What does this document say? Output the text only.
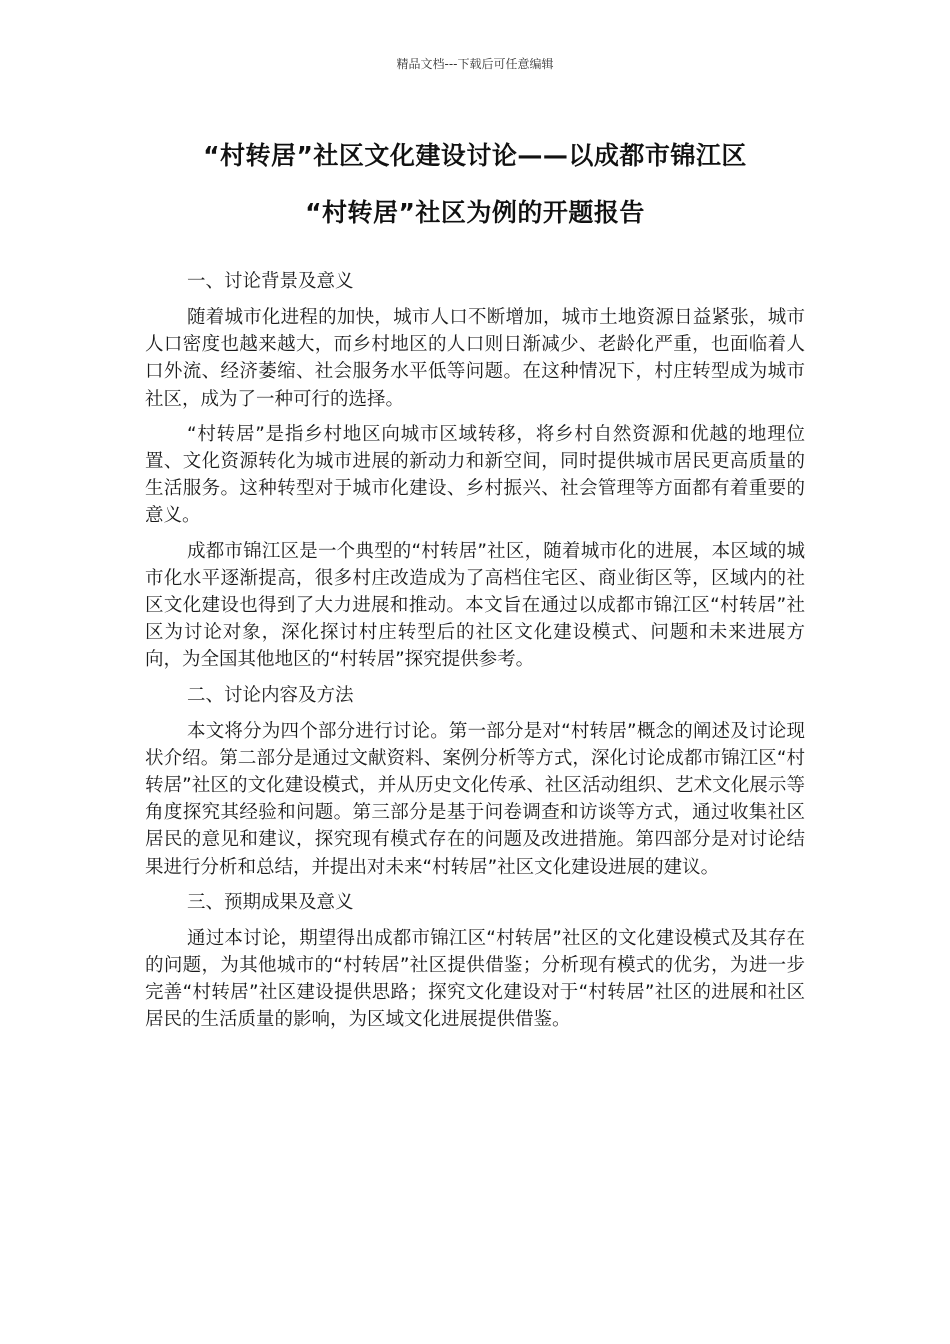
精品文档---下载后可任意编辑
“村转居”社区文化建设讨论——以成都市锦江区
“村转居”社区为例的开题报告
一、讨论背景及意义

随着城市化进程的加快，城市人口不断增加，城市土地资源日益紧张，城市人口密度也越来越大，而乡村地区的人口则日渐减少、老龄化严重，也面临着人口外流、经济萎缩、社会服务水平低等问题。在这种情况下，村庄转型成为城市社区，成为了一种可行的选择。

“村转居”是指乡村地区向城市区域转移，将乡村自然资源和优越的地理位置、文化资源转化为城市进展的新动力和新空间，同时提供城市居民更高质量的生活服务。这种转型对于城市化建设、乡村振兴、社会管理等方面都有着重要的意义。

成都市锦江区是一个典型的“村转居”社区，随着城市化的进展，本区域的城市化水平逐渐提高，很多村庄改造成为了高档住宅区、商业街区等，区域内的社区文化建设也得到了大力进展和推动。本文旨在通过以成都市锦江区“村转居”社区为讨论对象，深化探讨村庄转型后的社区文化建设模式、问题和未来进展方向，为全国其他地区的“村转居”探究提供参考。

二、讨论内容及方法

本文将分为四个部分进行讨论。第一部分是对“村转居”概念的阐述及讨论现状介绍。第二部分是通过文献资料、案例分析等方式，深化讨论成都市锦江区“村转居”社区的文化建设模式，并从历史文化传承、社区活动组织、艺术文化展示等角度探究其经验和问题。第三部分是基于问卷调查和访谈等方式，通过收集社区居民的意见和建议，探究现有模式存在的问题及改进措施。第四部分是对讨论结果进行分析和总结，并提出对未来“村转居”社区文化建设进展的建议。

三、预期成果及意义

通过本讨论，期望得出成都市锦江区“村转居”社区的文化建设模式及其存在的问题，为其他城市的“村转居”社区提供借鉴；分析现有模式的优劣，为进一步完善“村转居”社区建设提供思路；探究文化建设对于“村转居”社区的进展和社区居民的生活质量的影响，为区域文化进展提供借鉴。
